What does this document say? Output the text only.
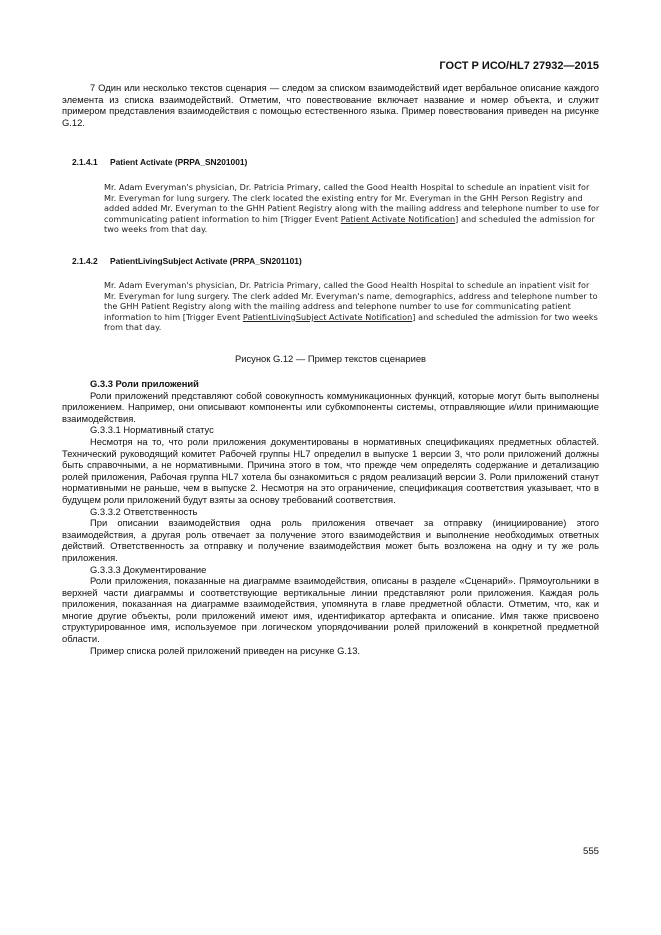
ГОСТ Р ИСО/HL7 27932—2015

7 Один или несколько текстов сценария — следом за списком взаимодействий идет вербальное описание каждого элемента из списка взаимодействий. Отметим, что повествование включает название и номер объекта, и служит примером представления взаимодействия с помощью естественного языка. Пример повествования приведен на рисунке G.12.

2.1.4.1 Patient Activate (PRPA_SN201001)
Mr. Adam Everyman's physician, Dr. Patricia Primary, called the Good Health Hospital to schedule an inpatient visit for Mr. Everyman for lung surgery. The clerk located the existing entry for Mr. Everyman in the GHH Person Registry and added added Mr. Everyman to the GHH Patient Registry along with the mailing address and telephone number to use for communicating patient information to him [Trigger Event Patient Activate Notification] and scheduled the admission for two weeks from that day.
2.1.4.2 PatientLivingSubject Activate (PRPA_SN201101)
Mr. Adam Everyman's physician, Dr. Patricia Primary, called the Good Health Hospital to schedule an inpatient visit for Mr. Everyman for lung surgery. The clerk added Mr. Everyman's name, demographics, address and telephone number to the GHH Patient Registry along with the mailing address and telephone number to use for communicating patient information to him [Trigger Event PatientLivingSubject Activate Notification] and scheduled the admission for two weeks from that day.
Рисунок G.12 — Пример текстов сценариев

G.3.3 Роли приложений

Роли приложений представляют собой совокупность коммуникационных функций, которые могут быть выполнены приложением. Например, они описывают компоненты или субкомпоненты системы, отправляющие и/или принимающие взаимодействия.

G.3.3.1 Нормативный статус

Несмотря на то, что роли приложения документированы в нормативных спецификациях предметных областей. Технический руководящий комитет Рабочей группы HL7 определил в выпуске 1 версии 3, что роли приложений должны быть справочными, а не нормативными. Причина этого в том, что прежде чем определять содержание и детализацию ролей приложения, Рабочая группа HL7 хотела бы ознакомиться с рядом реализаций версии 3. Роли приложений станут нормативными не раньше, чем в выпуске 2. Несмотря на это ограничение, спецификация соответствия указывает, что в будущем роли приложений будут взяты за основу требований соответствия.

G.3.3.2 Ответственность

При описании взаимодействия одна роль приложения отвечает за отправку (инициирование) этого взаимодействия, а другая роль отвечает за получение этого взаимодействия и выполнение необходимых ответных действий. Ответственность за отправку и получение взаимодействия может быть возложена на одну и ту же роль приложения.

G.3.3.3 Документирование

Роли приложения, показанные на диаграмме взаимодействия, описаны в разделе «Сценарий». Прямоугольники в верхней части диаграммы и соответствующие вертикальные линии представляют роли приложения. Каждая роль приложения, показанная на диаграмме взаимодействия, упомянута в главе предметной области. Отметим, что, как и многие другие объекты, роли приложений имеют имя, идентификатор артефакта и описание. Имя также присвоено структурированное имя, используемое при логическом упорядочивании ролей приложений в конкретной предметной области.

Пример списка ролей приложений приведен на рисунке G.13.

555
